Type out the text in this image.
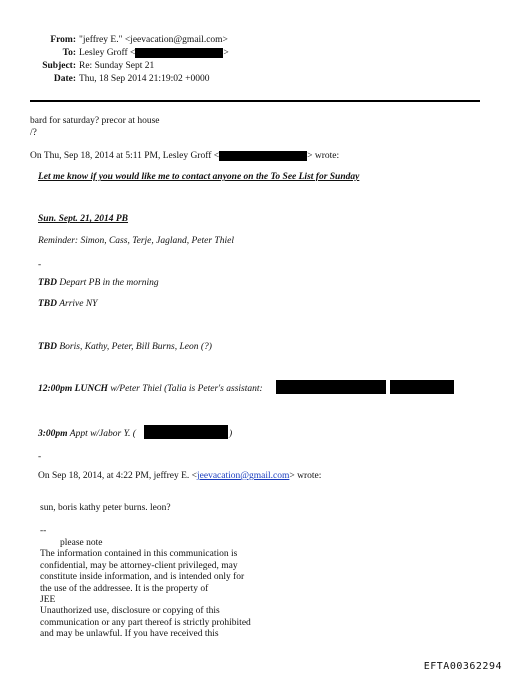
From: "jeffrey E." <jeevacation@gmail.com>
To: Lesley Groff <	>
Subject: Re: Sunday Sept 21
Date: Thu, 18 Sep 2014 21:19:02 +0000
bard for saturday? precor at house
/?
On Thu, Sep 18, 2014 at 5:11 PM, Lesley Groff <	> wrote:
Let me know if you would like me to contact anyone on the To See List for Sunday
Sun. Sept. 21, 2014 PB
Reminder: Simon, Cass, Terje, Jagland, Peter Thiel
-
TBD Depart PB in the morning
TBD Arrive NY
TBD Boris, Kathy, Peter, Bill Burns, Leon (?)
12:00pm LUNCH w/Peter Thiel (Talia is Peter's assistant:
3:00pm Appt w/Jabor Y. (	)
-
On Sep 18, 2014, at 4:22 PM, jeffrey E. <jeevacation@gmail.com> wrote:
sun, boris kathy peter burns. leon?
--
please note
The information contained in this communication is
confidential, may be attorney-client privileged, may
constitute inside information, and is intended only for
the use of the addressee. It is the property of
JEE
Unauthorized use, disclosure or copying of this
communication or any part thereof is strictly prohibited
and may be unlawful. If you have received this
EFTA00362294
